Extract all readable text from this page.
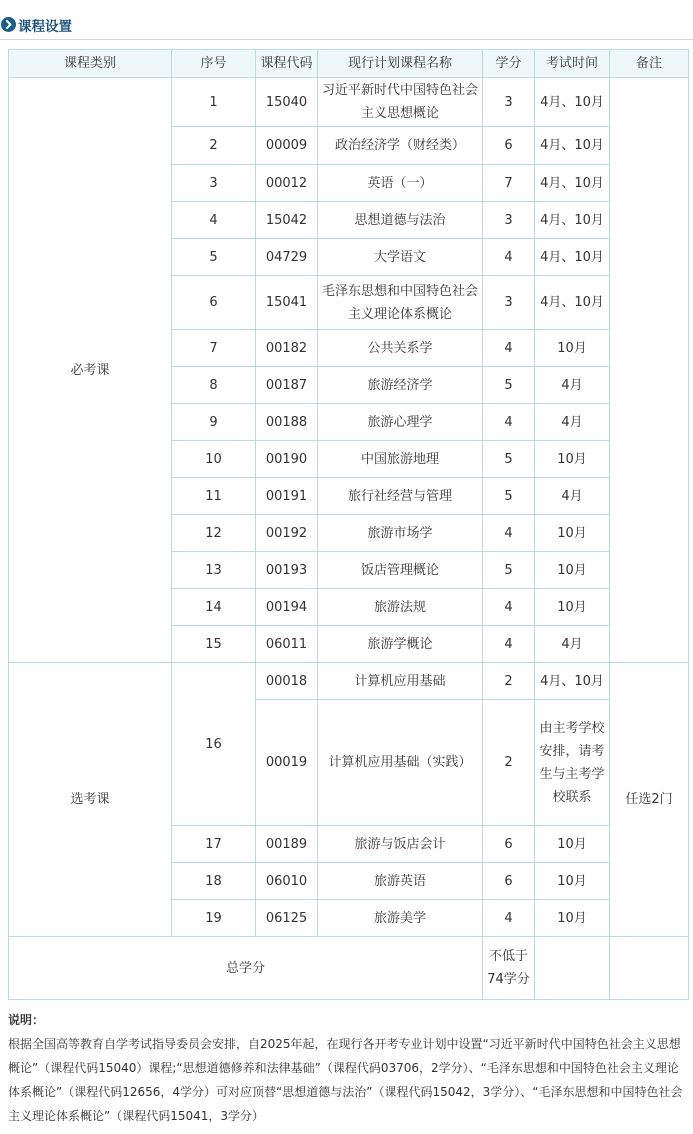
课程设置
课程类别	序号	课程代码	现行计划课程名称	学分	考试时间	备注
必考课	1	15040	习近平新时代中国特色社会主义思想概论	3	4月、10月	
	2	00009	政治经济学（财经类）	6	4月、10月	
	3	00012	英语（一）	7	4月、10月	
	4	15042	思想道德与法治	3	4月、10月	
	5	04729	大学语文	4	4月、10月	
	6	15041	毛泽东思想和中国特色社会主义理论体系概论	3	4月、10月	
	7	00182	公共关系学	4	10月	
	8	00187	旅游经济学	5	4月	
	9	00188	旅游心理学	4	4月	
	10	00190	中国旅游地理	5	10月	
	11	00191	旅行社经营与管理	5	4月	
	12	00192	旅游市场学	4	10月	
	13	00193	饭店管理概论	5	10月	
	14	00194	旅游法规	4	10月	
	15	06011	旅游学概论	4	4月	
选考课	16	00018	计算机应用基础	2	4月、10月	任选2门
		00019	计算机应用基础（实践）	2	由主考学校安排，请考生与主考学校联系	
	17	00189	旅游与饭店会计	6	10月	
	18	06010	旅游英语	6	10月	
	19	06125	旅游美学	4	10月	
总学分				不低于74学分		
说明：
根据全国高等教育自学考试指导委员会安排，自2025年起，在现行各开考专业计划中设置“习近平新时代中国特色社会主义思想概论”（课程代码15040）课程;“思想道德修养和法律基础”（课程代码03706，2学分）、“毛泽东思想和中国特色社会主义理论体系概论”（课程代码12656，4学分）可对应顶替“思想道德与法治”（课程代码15042，3学分）、“毛泽东思想和中国特色社会主义理论体系概论”（课程代码15041，3学分）
